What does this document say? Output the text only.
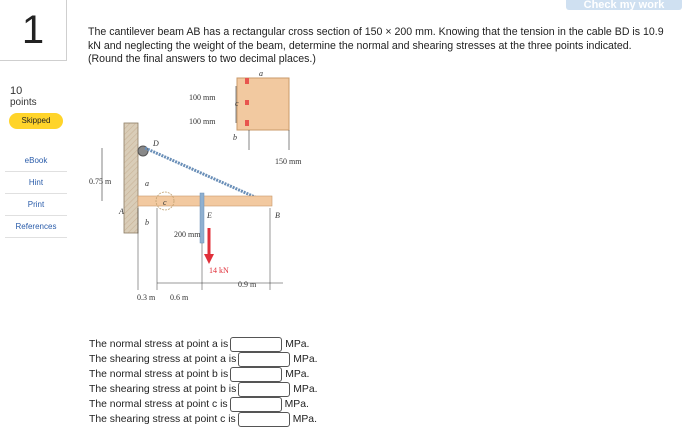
Check my work
1
10
points
Skipped
eBook
Hint
Print
References
The cantilever beam AB has a rectangular cross section of 150 × 200 mm. Knowing that the tension in the cable BD is 10.9 kN and neglecting the weight of the beam, determine the normal and shearing stresses at the three points indicated. (Round the final answers to two decimal places.)
100 mm
100 mm
150 mm
0.75 m
200 mm
14 kN
0.3 m 0.6 m
0.9 m
D
A	B
E
a
b
c
a
b
c
The normal stress at point a is	MPa.
The shearing stress at point a is	MPa.
The normal stress at point b is	MPa.
The shearing stress at point b is	MPa.
The normal stress at point c is	MPa.
The shearing stress at point c is	MPa.
